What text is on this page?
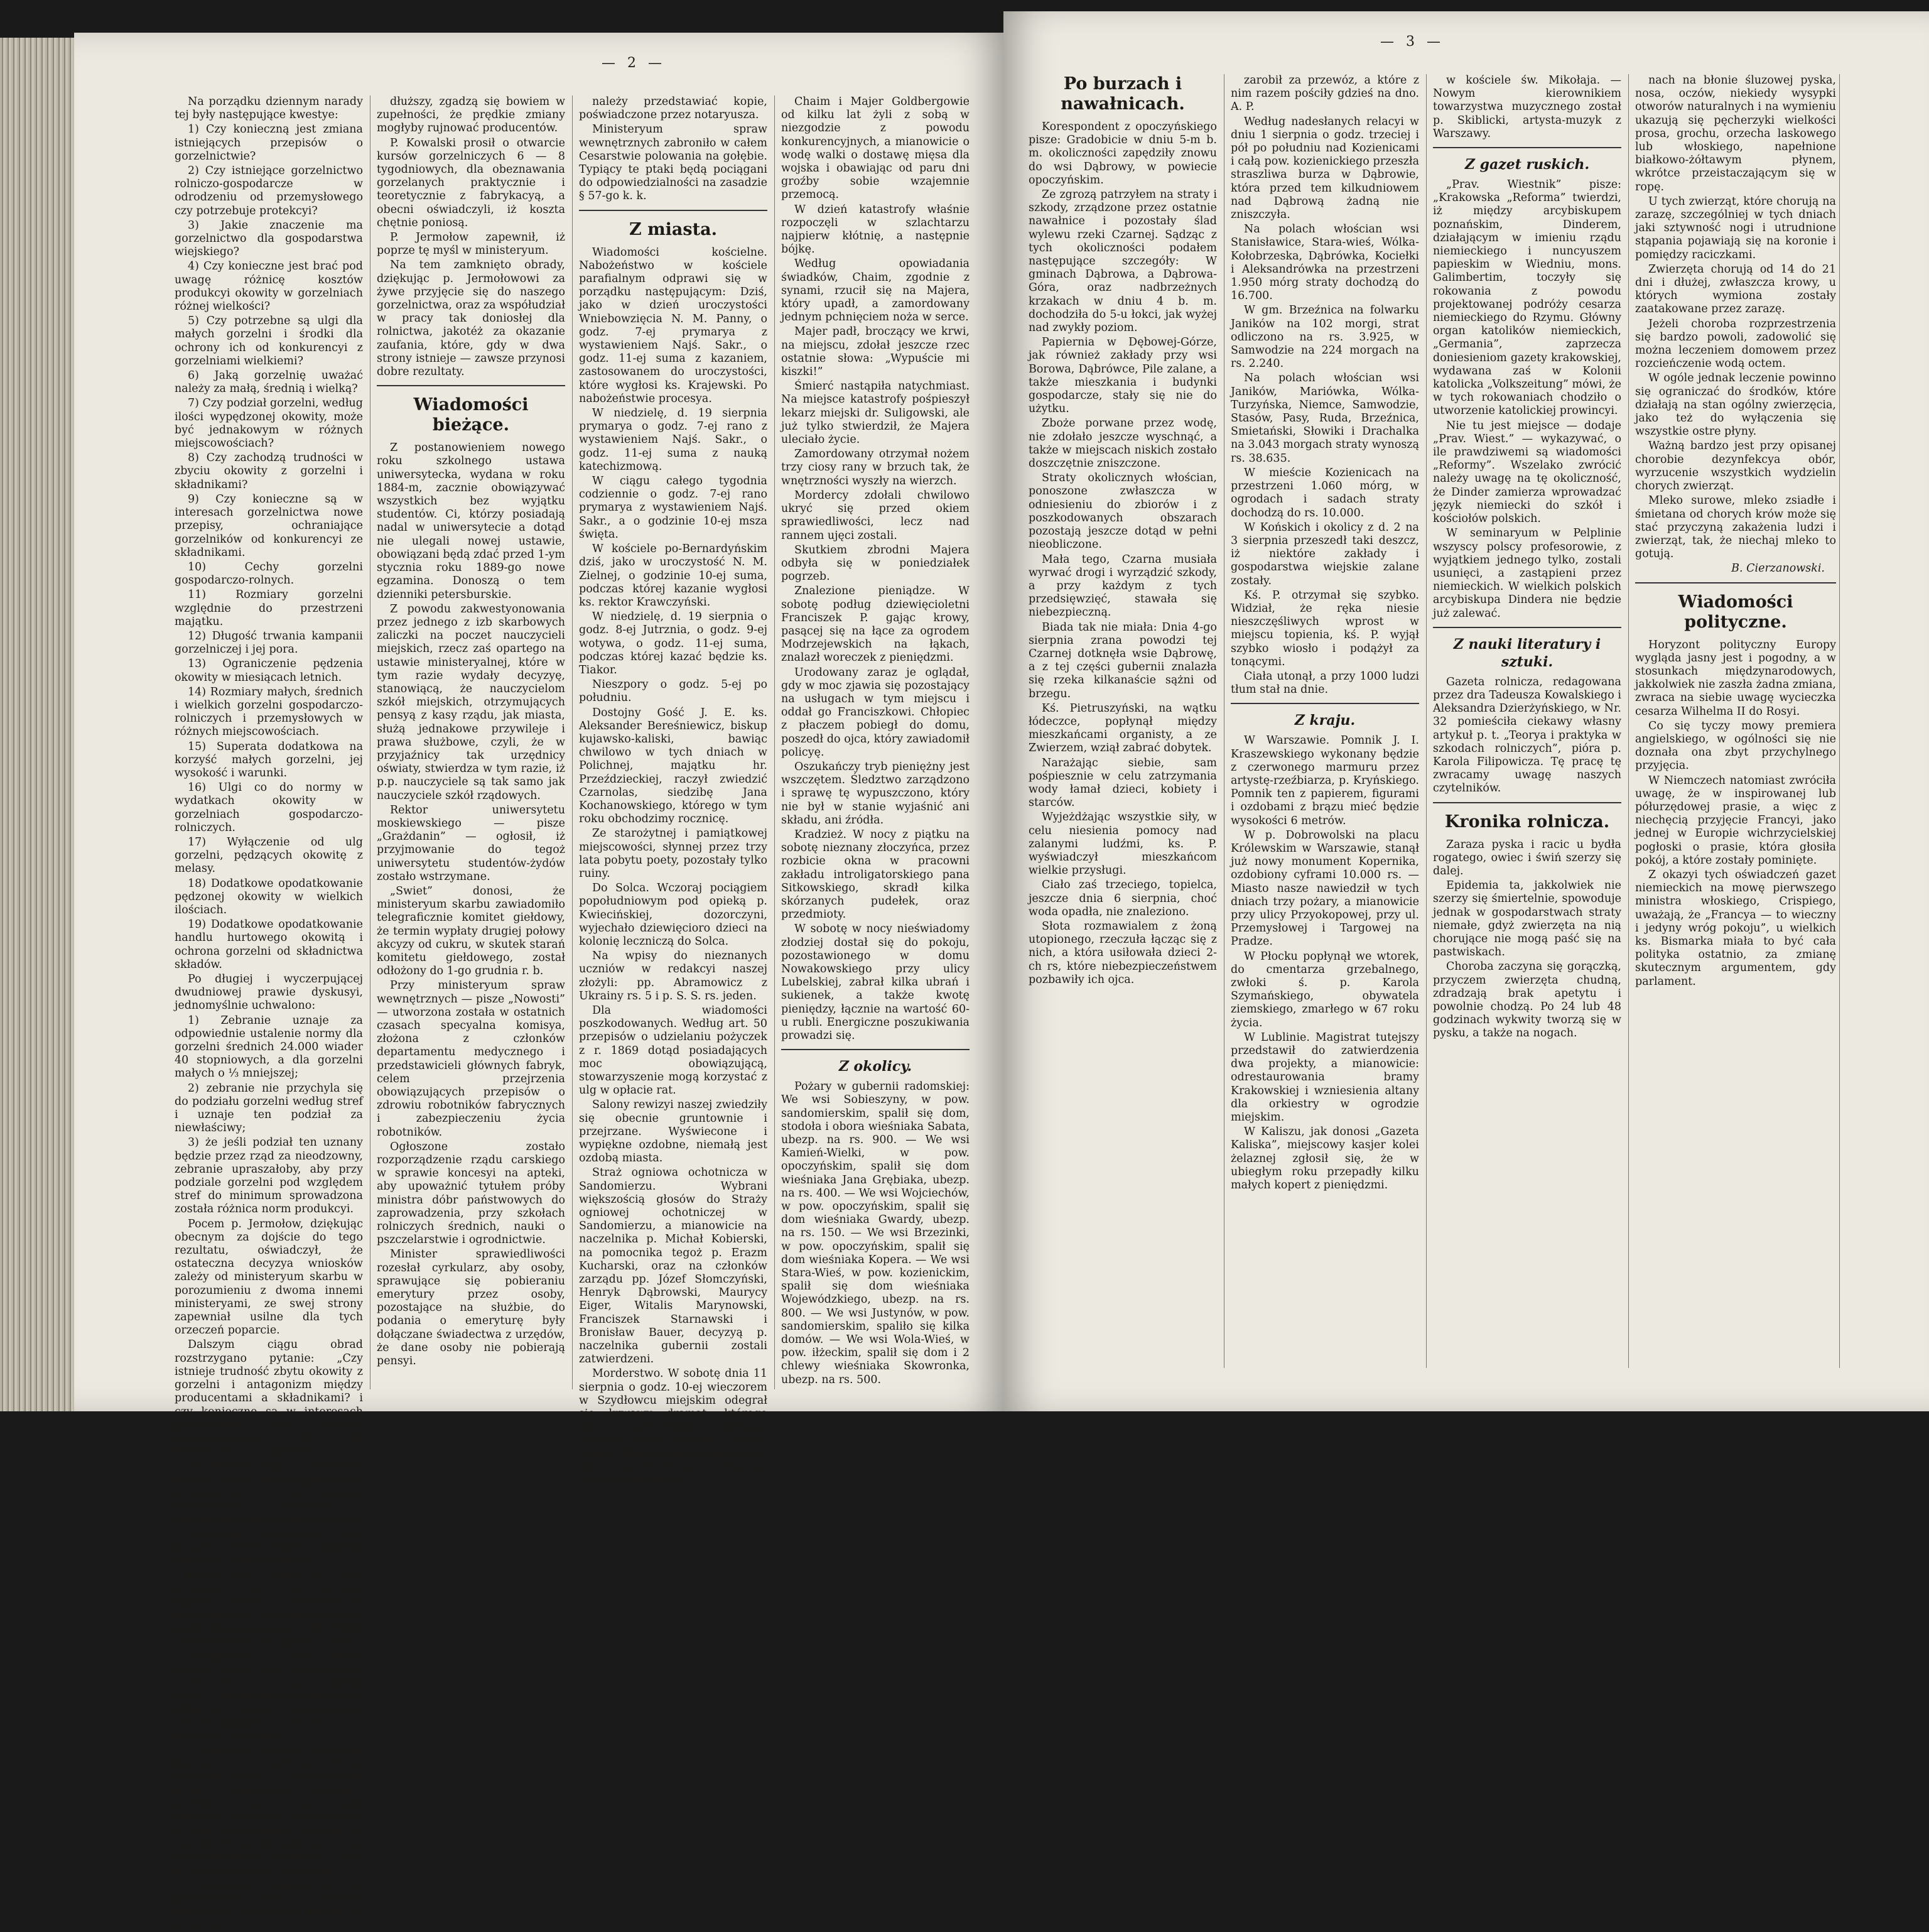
— 2 —

Na porządku dziennym narady tej były następujące kwestye:

1) Czy konieczną jest zmiana istniejących przepisów o gorzelnictwie?

2) Czy istniejące gorzelnictwo rolniczo-gospodarcze w odrodzeniu od przemysłowego czy potrzebuje protekcyi?

3) Jakie znaczenie ma gorzelnictwo dla gospodarstwa wiejskiego?

4) Czy konieczne jest brać pod uwagę różnicę kosztów produkcyi okowity w gorzelniach różnej wielkości?

5) Czy potrzebne są ulgi dla małych gorzelni i środki dla ochrony ich od konkurencyi z gorzelniami wielkiemi?

6) Jaką gorzelnię uważać należy za małą, średnią i wielką?

7) Czy podział gorzelni, według ilości wypędzonej okowity, może być jednakowym w różnych miejscowościach?

8) Czy zachodzą trudności w zbyciu okowity z gorzelni i składnikami?

9) Czy konieczne są w interesach gorzelnictwa nowe przepisy, ochraniające gorzelników od konkurencyi ze składnikami.

10) Cechy gorzelni gospodarczo-rolnych.

11) Rozmiary gorzelni względnie do przestrzeni majątku.

12) Długość trwania kampanii gorzelniczej i jej pora.

13) Ograniczenie pędzenia okowity w miesiącach letnich.

14) Rozmiary małych, średnich i wielkich gorzelni gospodarczo-rolniczych i przemysłowych w różnych miejscowościach.

15) Superata dodatkowa na korzyść małych gorzelni, jej wysokość i warunki.

16) Ulgi co do normy w wydatkach okowity w gorzelniach gospodarczo-rolniczych.

17) Wyłączenie od ulg gorzelni, pędzących okowitę z melasy.

18) Dodatkowe opodatkowanie pędzonej okowity w wielkich ilościach.

19) Dodatkowe opodatkowanie handlu hurtowego okowitą i ochrona gorzelni od składnictwa składów.

Po długiej i wyczerpującej dwudniowej prawie dyskusyi, jednomyślnie uchwalono:

1) Zebranie uznaje za odpowiednie ustalenie normy dla gorzelni średnich 24.000 wiader 40 stopniowych, a dla gorzelni małych o ⅓ mniejszej;

2) zebranie nie przychyla się do podziału gorzelni według stref i uznaje ten podział za niewłaściwy;

3) że jeśli podział ten uznany będzie przez rząd za nieodzowny, zebranie upraszałoby, aby przy podziale gorzelni pod względem stref do minimum sprowadzona została różnica norm produkcyi.

Pocem p. Jermołow, dziękując obecnym za dojście do tego rezultatu, oświadczył, że ostateczna decyzya wniosków zależy od ministeryum skarbu w porozumieniu z dwoma innemi ministeryami, ze swej strony zapewniał usilne dla tych orzeczeń poparcie.

Dalszym ciągu obrad rozstrzygano pytanie: „Czy istnieje trudność zbytu okowity z gorzelni i antagonizm między producentami a składnikami? i czy konieczne są w interesach gorzelników nowe przepisy, zabezpieczające ich od konkurencyi ze składami?

W kwestyi tej p. Jermołow wnosi, ażeby tutejsi gorzelnicy wypracowali w tej sprawie wyczerpujący memoryał i zakomunikowali go ministerstwu.

Następnie przejrzano cały projekt jednomyślnie z małemi zmianami, a mianowicie:

Punkt 2-gi projektu lit. c) o wywarze rozstrzygnięto w ten sposób: Wywar, otrzymywany przy pędzeniu gorzelni, musi być spotrzebowany na karm dla bydła celem użyźnienia uprawy gruntu.

Wątpliwości, czy dana gorzelnia należy do gospodarczo-rolniczych, rozstrzygać będą nowo otwarte gorzelnie w każdej gubernii, złożone z miejscowego zarządzającego akcyzą i właścicieli gorzelni.

Co się tyczy pytania o składach hurtowych wyraziło gorzelnicy życzenie, ażeby dla odbiorów ich prawo właścicieli gorzelni, uwolnić pod tą przy gorzelniach składach wypłacał, jak wyrobiono do tak zadłużenia w spirytus do sprzedaży i od dawania kaucyi na zabezpieczenie okowity, przy przewożeniu jej na składzie.

P. Jermołow zapewnił, że przy ustanowieniu norm dla gorzelni pierwszego rzędu mieć będzie na uwadze.

dłuższy, zgadzą się bowiem w zupełności, że prędkie zmiany mogłyby rujnować producentów.

P. Kowalski prosił o otwarcie kursów gorzelniczych 6 — 8 tygodniowych, dla obeznawania gorzelanych praktycznie i teoretycznie z fabrykacyą, a obecni oświadczyli, iż koszta chętnie poniosą.

P. Jermołow zapewnił, iż poprze tę myśl w ministeryum.

Na tem zamknięto obrady, dziękując p. Jermołowowi za żywe przyjęcie się do naszego gorzelnictwa, oraz za współudział w pracy tak doniosłej dla rolnictwa, jakotéż za okazanie zaufania, które, gdy w dwa strony istnieje — zawsze przynosi dobre rezultaty.

Wiadomości bieżące.

Z postanowieniem nowego roku szkolnego ustawa uniwersytecka, wydana w roku 1884-m, zacznie obowiązywać wszystkich bez wyjątku studentów. Ci, którzy posiadają nadal w uniwersytecie a dotąd nie ulegali nowej ustawie, obowiązani będą zdać przed 1-ym stycznia roku 1889-go nowe egzamina. Donoszą o tem dzienniki petersburskie.

Z powodu zakwestyonowania przez jednego z izb skarbowych zaliczki na poczet nauczycieli miejskich, rzecz zaś opartego na ustawie ministeryalnej, które w tym razie wydały decyzyę, stanowiącą, że nauczycielom szkół miejskich, otrzymujących pensyą z kasy rządu, jak miasta, służą jednakowe przywileje i prawa służbowe, czyli, że w przyjaźnicy tak urzędnicy oświaty, stwierdza w tym razie, iż p.p. nauczyciele są tak samo jak nauczyciele szkół rządowych.

Rektor uniwersytetu moskiewskiego — pisze „Grażdanin” — ogłosił, iż przyjmowanie do tegoż uniwersytetu studentów-żydów zostało wstrzymane.

„Swiet” donosi, że ministeryum skarbu zawiadomiło telegraficznie komitet giełdowy, że termin wypłaty drugiej połowy akcyzy od cukru, w skutek starań komitetu giełdowego, został odłożony do 1-go grudnia r. b.

Przy ministeryum spraw wewnętrznych — pisze „Nowosti” — utworzona została w ostatnich czasach specyalna komisya, złożona z członków departamentu medycznego i przedstawicieli głównych fabryk, celem przejrzenia obowiązujących przepisów o zdrowiu robotników fabrycznych i zabezpieczeniu życia robotników.

Ogłoszone zostało rozporządzenie rządu carskiego w sprawie koncesyi na apteki, aby upoważnić tytułem próby ministra dóbr państwowych do zaprowadzenia, przy szkołach rolniczych średnich, nauki o pszczelarstwie i ogrodnictwie.

Minister sprawiedliwości rozesłał cyrkularz, aby osoby, sprawujące się pobieraniu emerytury przez osoby, pozostające na służbie, do podania o emeryturę były dołączane świadectwa z urzędów, że dane osoby nie pobierają pensyi.

należy przedstawiać kopie, poświadczone przez notaryusza.

Ministeryum spraw wewnętrznych zabroniło w całem Cesarstwie polowania na gołębie. Typiący te ptaki będą pociągani do odpowiedzialności na zasadzie § 57-go k. k.

Z miasta.

Wiadomości kościelne. Nabożeństwo w kościele parafialnym odprawi się w porządku następującym: Dziś, jako w dzień uroczystości Wniebowzięcia N. M. Panny, o godz. 7-ej prymarya z wystawieniem Najś. Sakr., o godz. 11-ej suma z kazaniem, zastosowanem do uroczystości, które wygłosi ks. Krajewski. Po nabożeństwie procesya.

W niedzielę, d. 19 sierpnia prymarya o godz. 7-ej rano z wystawieniem Najś. Sakr., o godz. 11-ej suma z nauką katechizmową.

W ciągu całego tygodnia codziennie o godz. 7-ej rano prymarya z wystawieniem Najś. Sakr., a o godzinie 10-ej msza święta.

W kościele po-Bernardyńskim dziś, jako w uroczystość N. M. Zielnej, o godzinie 10-ej suma, podczas której kazanie wygłosi ks. rektor Krawczyński.

W niedzielę, d. 19 sierpnia o godz. 8-ej Jutrznia, o godz. 9-ej wotywa, o godz. 11-ej suma, podczas której kazać będzie ks. Tiakor.

Nieszpory o godz. 5-ej po południu.

Dostojny Gość J. E. ks. Aleksander Bereśniewicz, biskup kujawsko-kaliski, bawiąc chwilowo w tych dniach w Polichnej, majątku hr. Przeździeckiej, raczył zwiedzić Czarnolas, siedzibę Jana Kochanowskiego, którego w tym roku obchodzimy rocznicę.

Ze starożytnej i pamiątkowej miejscowości, słynnej przez trzy lata pobytu poety, pozostały tylko ruiny.

Do Solca. Wczoraj pociągiem popołudniowym pod opieką p. Kwiecińskiej, dozorczyni, wyjechało dziewięcioro dzieci na kolonię leczniczą do Solca.

Na wpisy do nieznanych uczniów w redakcyi naszej złożyli: pp. Abramowicz z Ukrainy rs. 5 i p. S. S. rs. jeden.

Dla wiadomości poszkodowanych. Według art. 50 przepisów o udzielaniu pożyczek z r. 1869 dotąd posiadających moc obowiązującą, stowarzyszenie mogą korzystać z ulg w opłacie rat.

Salony rewizyi naszej zwiedziły się obecnie gruntownie i przejrzane. Wyświecone i wypiękne ozdobne, niemałą jest ozdobą miasta.

Straż ogniowa ochotnicza w Sandomierzu. Wybrani większością głosów do Straży ogniowej ochotniczej w Sandomierzu, a mianowicie na naczelnika p. Michał Kobierski, na pomocnika tegoż p. Erazm Kucharski, oraz na członków zarządu pp. Józef Słomczyński, Henryk Dąbrowski, Maurycy Eiger, Witalis Marynowski, Franciszek Starnawski i Bronisław Bauer, decyzyą p. naczelnika gubernii zostali zatwierdzeni.

Morderstwo. W sobotę dnia 11 sierpnia o godz. 10-ej wieczorem w Szydłowcu miejskim odegrał się krwawy dramat, którego ofiarą padł Majer Goldberg, rzeźnik, zamordowany nożem przez Chaima Goldberga i dwóch jego synów, Icka i Rubina, również rzeźników.

Chaim i Majer Goldbergowie od kilku lat żyli z sobą w niezgodzie z powodu konkurencyjnych, a mianowicie o wodę walki o dostawę mięsa dla wojska i obawiając od paru dni groźby sobie wzajemnie przemocą.

W dzień katastrofy właśnie rozpoczęli w szlachtarzu najpierw kłótnię, a następnie bójkę.

Według opowiadania świadków, Chaim, zgodnie z synami, rzucił się na Majera, który upadł, a zamordowany jednym pchnięciem noża w serce.

Majer padł, broczący we krwi, na miejscu, zdołał jeszcze rzec ostatnie słowa: „Wypuście mi kiszki!”

Śmierć nastąpiła natychmiast. Na miejsce katastrofy pośpieszył lekarz miejski dr. Suligowski, ale już tylko stwierdził, że Majera uleciało życie.

Zamordowany otrzymał nożem trzy ciosy rany w brzuch tak, że wnętrzności wyszły na wierzch.

Mordercy zdołali chwilowo ukryć się przed okiem sprawiedliwości, lecz nad rannem ujęci zostali.

Skutkiem zbrodni Majera odbyła się w poniedziałek pogrzeb.

Znalezione pieniądze. W sobotę podług dziewięcioletni Franciszek P. gając krowy, pasącej się na łące za ogrodem Modrzejewskich na łąkach, znalazł woreczek z pieniędzmi.

Urodowany zaraz je oglądał, gdy w moc zjawia się pozostający na usługach w tym miejscu i oddał go Franciszkowi. Chłopiec z płaczem pobiegł do domu, poszedł do ojca, który zawiadomił policyę.

Oszukańczy tryb pieniężny jest wszczętem. Śledztwo zarządzono i sprawę tę wypuszczono, który nie był w stanie wyjaśnić ani składu, ani źródła.

Kradzież. W nocy z piątku na sobotę nieznany złoczyńca, przez rozbicie okna w pracowni zakładu introligatorskiego pana Sitkowskiego, skradł kilka skórzanych pudełek, oraz przedmioty.

W sobotę w nocy nieświadomy złodziej dostał się do pokoju, pozostawionego w domu Nowakowskiego przy ulicy Lubelskiej, zabrał kilka ubrań i sukienek, a także kwotę pieniędzy, łącznie na wartość 60-u rubli. Energiczne poszukiwania prowadzi się.

Z okolicy.

Pożary w gubernii radomskiej: We wsi Sobieszyny, w pow. sandomierskim, spalił się dom, stodoła i obora wieśniaka Sabata, ubezp. na rs. 900. — We wsi Kamień-Wielki, w pow. opoczyńskim, spalił się dom wieśniaka Jana Grębiaka, ubezp. na rs. 400. — We wsi Wojciechów, w pow. opoczyńskim, spalił się dom wieśniaka Gwardy, ubezp. na rs. 150. — We wsi Brzezinki, w pow. opoczyńskim, spalił się dom wieśniaka Kopera. — We wsi Stara-Wieś, w pow. kozienickim, spalił się dom wieśniaka Wojewódzkiego, ubezp. na rs. 800. — We wsi Justynów, w pow. sandomierskim, spaliło się kilka domów. — We wsi Wola-Wieś, w pow. iłżeckim, spalił się dom i 2 chlewy wieśniaka Skowronka, ubezp. na rs. 500.

— 3 —
Po burzach i nawałnicach.

Korespondent z opoczyńskiego pisze: Gradobicie w dniu 5-m b. m. okoliczności zapędziły znowu do wsi Dąbrowy, w powiecie opoczyńskim.

Ze zgrozą patrzyłem na straty i szkody, zrządzone przez ostatnie nawałnice i pozostały ślad wylewu rzeki Czarnej. Sądząc z tych okoliczności podałem następujące szczegóły: W gminach Dąbrowa, a Dąbrowa-Góra, oraz nadbrzeżnych krzakach w dniu 4 b. m. dochodziła do 5-u łokci, jak wyżej nad zwykły poziom.

Papiernia w Dębowej-Górze, jak również zakłady przy wsi Borowa, Dąbrówce, Pile zalane, a także mieszkania i budynki gospodarcze, stały się nie do użytku.

Zboże porwane przez wodę, nie zdołało jeszcze wyschnąć, a także w miejscach niskich zostało doszczętnie zniszczone.

Straty okolicznych włościan, ponoszone zwłaszcza w odniesieniu do zbiorów i z poszkodowanych obszarach pozostają jeszcze dotąd w pełni nieobliczone.

Mała tego, Czarna musiała wyrwać drogi i wyrządzić szkody, a przy każdym z tych przedsięwzięć, stawała się niebezpieczną.

Biada tak nie miała: Dnia 4-go sierpnia zrana powodzi tej Czarnej dotknęła wsie Dąbrowę, a z tej części gubernii znalazła się rzeka kilkanaście sążni od brzegu.

Kś. Pietruszyński, na wątku łódeczce, popłynął między mieszkańcami organisty, a ze Zwierzem, wziął zabrać dobytek.

Narażając siebie, sam pośpiesznie w celu zatrzymania wody łamał dzieci, kobiety i starców.

Wyjeżdżając wszystkie siły, w celu niesienia pomocy nad zalanymi ludźmi, ks. P. wyświadczył mieszkańcom wielkie przysługi.

Ciało zaś trzeciego, topielca, jeszcze dnia 6 sierpnia, choć woda opadła, nie znaleziono.

Słota rozmawialem z żoną utopionego, rzeczuła łącząc się z nich, a która usiłowała dzieci 2-ch rs, które niebezpieczeństwem pozbawiły ich ojca.

zarobił za przewóz, a które z nim razem pościły gdzieś na dno. A. P.

Według nadesłanych relacyi w dniu 1 sierpnia o godz. trzeciej i pół po południu nad Kozienicami i całą pow. kozienickiego przeszła straszliwa burza w Dąbrowie, która przed tem kilkudniowem nad Dąbrową żadną nie zniszczyła.

Na polach włościan wsi Stanisławice, Stara-wieś, Wólka-Kołobrzeska, Dąbrówka, Kociełki i Aleksandrówka na przestrzeni 1.950 mórg straty dochodzą do 16.700.

W gm. Brzeźnica na folwarku Janików na 102 morgi, strat odliczono na rs. 3.925, w Samwodzie na 224 morgach na rs. 2.240.

Na polach włościan wsi Janików, Mariówka, Wólka-Turzyńska, Niemce, Samwodzie, Stasów, Pasy, Ruda, Brzeźnica, Smietański, Słowiki i Drachalka na 3.043 morgach straty wynoszą rs. 38.635.

W mieście Kozienicach na przestrzeni 1.060 mórg, w ogrodach i sadach straty dochodzą do rs. 10.000.

W Końskich i okolicy z d. 2 na 3 sierpnia przeszedł taki deszcz, iż niektóre zakłady i gospodarstwa wiejskie zalane zostały.

Kś. P. otrzymał się szybko. Widział, że ręka niesie nieszczęśliwych wprost w miejscu topienia, kś. P. wyjął szybko wiosło i podążył za tonącymi.

Ciała utonął, a przy 1000 ludzi tłum stał na dnie.

Z kraju.

W Warszawie. Pomnik J. I. Kraszewskiego wykonany będzie z czerwonego marmuru przez artystę-rzeźbiarza, p. Kryńskiego. Pomnik ten z papierem, figurami i ozdobami z brązu mieć będzie wysokości 6 metrów.

W p. Dobrowolski na placu Królewskim w Warszawie, stanął już nowy monument Kopernika, ozdobiony cyframi 10.000 rs. — Miasto nasze nawiedził w tych dniach trzy pożary, a mianowicie przy ulicy Przyokopowej, przy ul. Przemysłowej i Targowej na Pradze.

W Płocku popłynął we wtorek, do cmentarza grzebalnego, zwłoki ś. p. Karola Szymańskiego, obywatela ziemskiego, zmarłego w 67 roku życia.

W Lublinie. Magistrat tutejszy przedstawił do zatwierdzenia dwa projekty, a mianowicie: odrestaurowania bramy Krakowskiej i wzniesienia altany dla orkiestry w ogrodzie miejskim.

W Kaliszu, jak donosi „Gazeta Kaliska”, miejscowy kasjer kolei żelaznej zgłosił się, że w ubiegłym roku przepadły kilku małych kopert z pieniędzmi.

w kościele św. Mikołaja. — Nowym kierownikiem towarzystwa muzycznego został p. Skiblicki, artysta-muzyk z Warszawy.

Z gazet ruskich.

„Prav. Wiestnik” pisze: „Krakowska „Reforma” twierdzi, iż między arcybiskupem poznańskim, Dinderem, działającym w imieniu rządu niemieckiego i nuncyuszem papieskim w Wiedniu, mons. Galimbertim, toczyły się rokowania z powodu projektowanej podróży cesarza niemieckiego do Rzymu. Główny organ katolików niemieckich, „Germania”, zaprzecza doniesieniom gazety krakowskiej, wydawana zaś w Kolonii katolicka „Volkszeitung” mówi, że w tych rokowaniach chodziło o utworzenie katolickiej prowincyi.

Nie tu jest miejsce — dodaje „Prav. Wiest.” — wykazywać, o ile prawdziwemi są wiadomości „Reformy”. Wszelako zwrócić należy uwagę na tę okoliczność, że Dinder zamierza wprowadzać język niemiecki do szkół i kościołów polskich.

W seminaryum w Pelplinie wszyscy polscy profesorowie, z wyjątkiem jednego tylko, zostali usunięci, a zastąpieni przez niemieckich. W wielkich polskich arcybiskupa Dindera nie będzie już zalewać.

Z nauki literatury i sztuki.

Gazeta rolnicza, redagowana przez dra Tadeusza Kowalskiego i Aleksandra Dzierżyńskiego, w Nr. 32 pomieściła ciekawy własny artykuł p. t. „Teorya i praktyka w szkodach rolniczych”, pióra p. Karola Filipowicza. Tę pracę tę zwracamy uwagę naszych czytelników.

Kronika rolnicza.

Zaraza pyska i racic u bydła rogatego, owiec i świń szerzy się dalej.

Epidemia ta, jakkolwiek nie szerzy się śmiertelnie, spowoduje jednak w gospodarstwach straty niemałe, gdyż zwierzęta na nią chorujące nie mogą paść się na pastwiskach.

Choroba zaczyna się gorączką, przyczem zwierzęta chudną, zdradzają brak apetytu i powolnie chodzą. Po 24 lub 48 godzinach wykwity tworzą się w pysku, a także na nogach.

nach na błonie śluzowej pyska, nosa, oczów, niekiedy wysypki otworów naturalnych i na wymieniu ukazują się pęcherzyki wielkości prosa, grochu, orzecha laskowego lub włoskiego, napełnione białkowo-żółtawym płynem, wkrótce przeistaczającym się w ropę.

U tych zwierząt, które chorują na zarazę, szczególniej w tych dniach jaki sztywność nogi i utrudnione stąpania pojawiają się na koronie i pomiędzy raciczkami.

Zwierzęta chorują od 14 do 21 dni i dłużej, zwłaszcza krowy, u których wymiona zostały zaatakowane przez zarazę.

Jeżeli choroba rozprzestrzenia się bardzo powoli, zadowolić się można leczeniem domowem przez rozcieńczenie wodą octem.

W ogóle jednak leczenie powinno się ograniczać do środków, które działają na stan ogólny zwierzęcia, jako też do wyłączenia się wszystkie ostre płyny.

Ważną bardzo jest przy opisanej chorobie dezynfekcya obór, wyrzucenie wszystkich wydzielin chorych zwierząt.

Mleko surowe, mleko zsiadłe i śmietana od chorych krów może się stać przyczyną zakażenia ludzi i zwierząt, tak, że niechaj mleko to gotują.

B. Cierzanowski.

Wiadomości polityczne.

Horyzont polityczny Europy wygląda jasny jest i pogodny, a w stosunkach międzynarodowych, jakkolwiek nie zaszła żadna zmiana, zwraca na siebie uwagę wycieczka cesarza Wilhelma II do Rosyi.

Co się tyczy mowy premiera angielskiego, w ogólności się nie doznała ona zbyt przychylnego przyjęcia.

W Niemczech natomiast zwróciła uwagę, że w inspirowanej lub półurzędowej prasie, a więc z niechęcią przyjęcie Francyi, jako jednej w Europie wichrzycielskiej pogłoski o prasie, która głosiła pokój, a które zostały pominięte.

Z okazyi tych oświadczeń gazet niemieckich na mowę pierwszego ministra włoskiego, Crispiego, uważają, że „Francya — to wieczny i jedyny wróg pokoju”, u wielkich ks. Bismarka miała to być cała polityka ostatnio, za zmianę skutecznym argumentem, gdy parlament.
